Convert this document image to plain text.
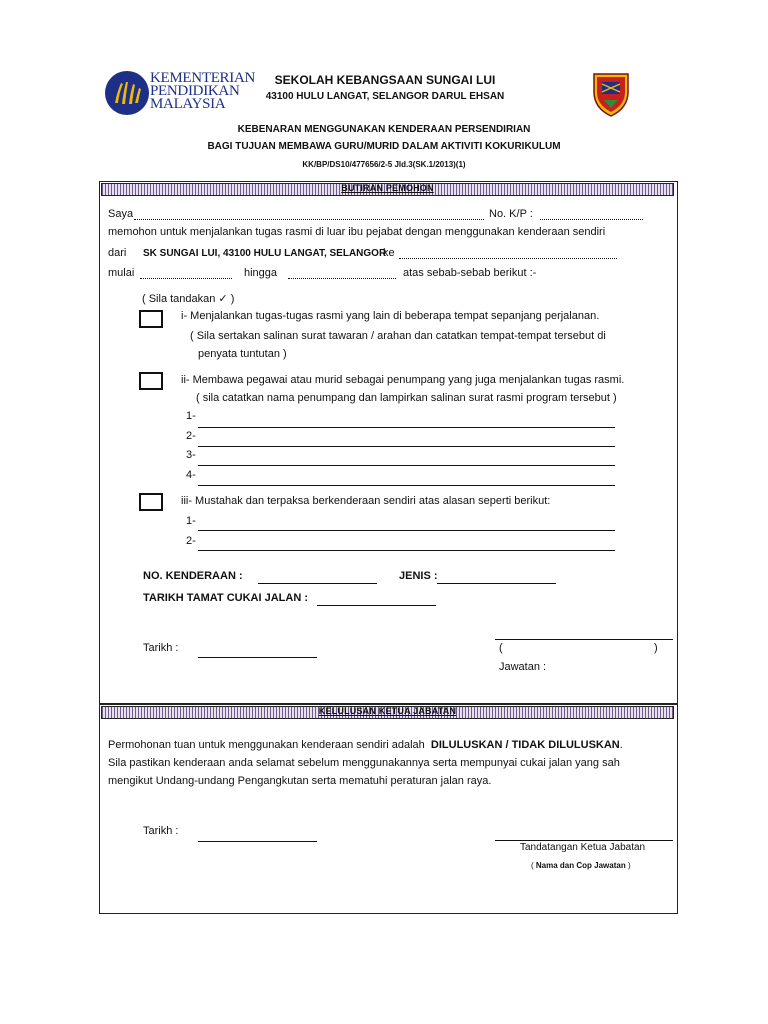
KEMENTERIAN
PENDIDIKAN
MALAYSIA
SEKOLAH KEBANGSAAN SUNGAI LUI
43100 HULU LANGAT, SELANGOR DARUL EHSAN
KEBENARAN MENGGUNAKAN KENDERAAN PERSENDIRIAN
BAGI TUJUAN MEMBAWA GURU/MURID DALAM AKTIVITI KOKURIKULUM
KK/BP/DS10/477656/2-5 Jld.3(SK.1/2013)(1)
BUTIRAN PEMOHON
Saya	No. K/P :
memohon untuk menjalankan tugas rasmi di luar ibu pejabat dengan menggunakan kenderaan sendiri
dari SK SUNGAI LUI, 43100 HULU LANGAT, SELANGOR
ke
mulai	hingga	atas sebab-sebab berikut :-
( Sila tandakan ✓ )
i- Menjalankan tugas-tugas rasmi yang lain di beberapa tempat sepanjang perjalanan.
( Sila sertakan salinan surat tawaran / arahan dan catatkan tempat-tempat tersebut di
penyata tuntutan )
ii- Membawa pegawai atau murid sebagai penumpang yang juga menjalankan tugas rasmi.
( sila catatkan nama penumpang dan lampirkan salinan surat rasmi program tersebut )
1-
2-
3-
4-
iii- Mustahak dan terpaksa berkenderaan sendiri atas alasan seperti berikut:
1-
2-
NO. KENDERAAN :	JENIS :
TARIKH TAMAT CUKAI JALAN :
Tarikh :	(	)
Jawatan :
KELULUSAN KETUA JABATAN
Permohonan tuan untuk menggunakan kenderaan sendiri adalah DILULUSKAN / TIDAK DILULUSKAN.
Sila pastikan kenderaan anda selamat sebelum menggunakannya serta mempunyai cukai jalan yang sah
mengikut Undang-undang Pengangkutan serta mematuhi peraturan jalan raya.
Tarikh :
Tandatangan Ketua Jabatan
( Nama dan Cop Jawatan )
